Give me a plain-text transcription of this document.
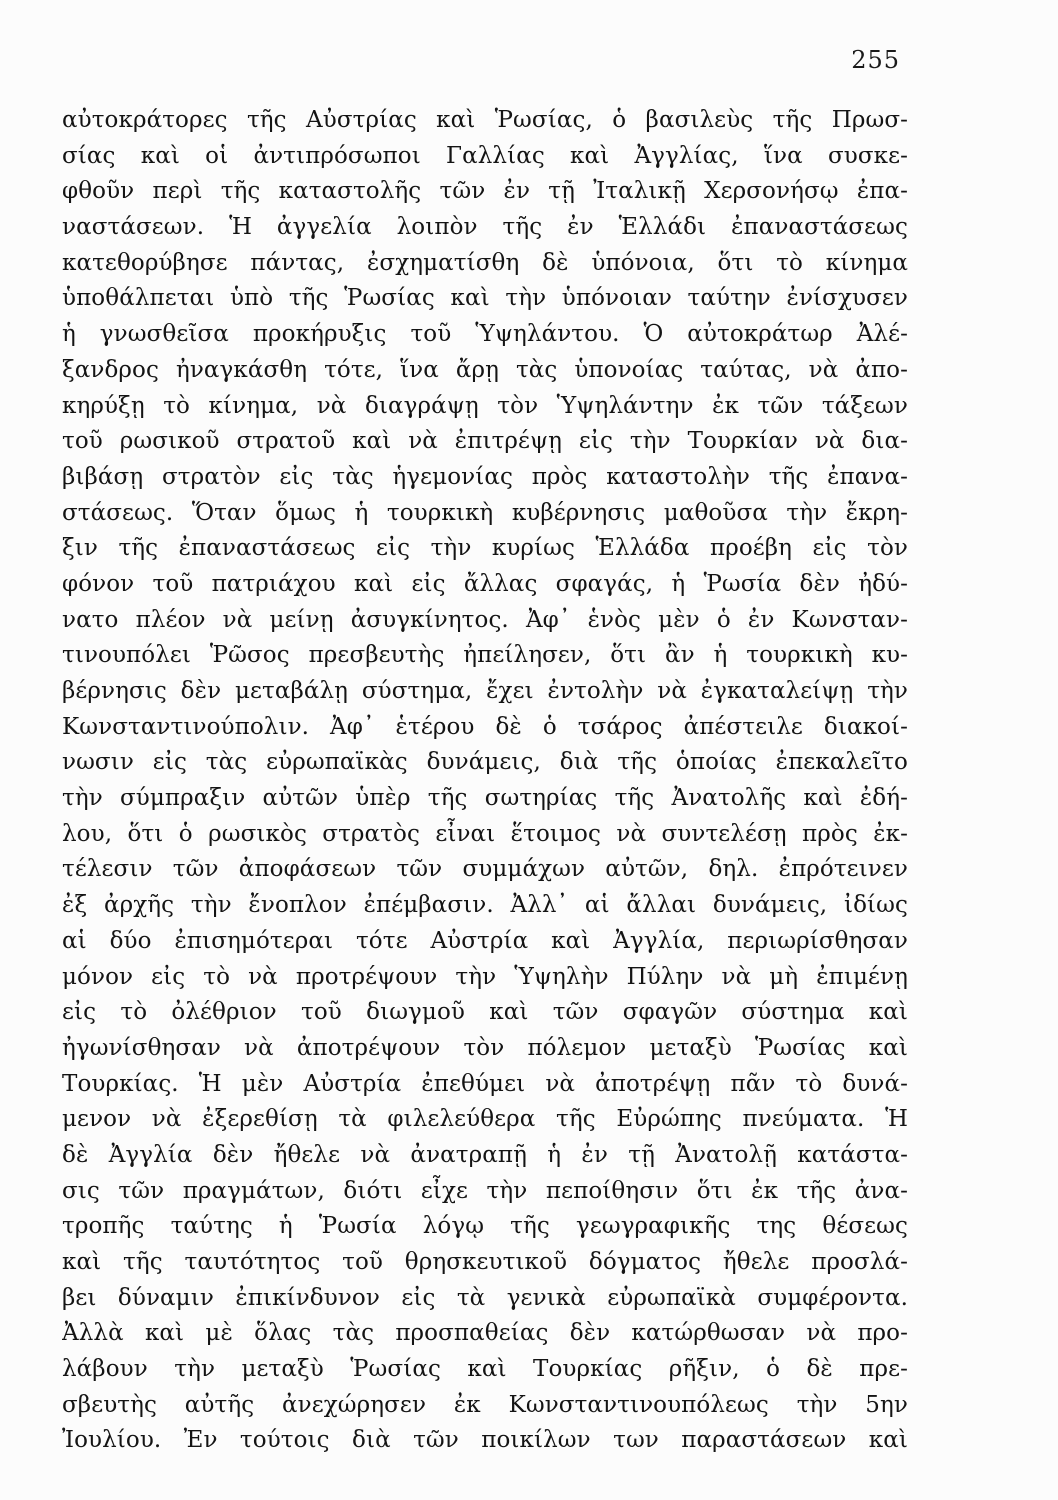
255
αὐτοκράτορες τῆς Αὐστρίας καὶ Ῥωσίας, ὁ βασιλεὺς τῆς Πρωσ-
σίας καὶ οἱ ἀντιπρόσωποι Γαλλίας καὶ Ἀγγλίας, ἵνα συσκε-
φθοῦν περὶ τῆς καταστολῆς τῶν ἐν τῇ Ἰταλικῇ Χερσονήσῳ ἐπα-
ναστάσεων. Ἡ ἀγγελία λοιπὸν τῆς ἐν Ἑλλάδι ἐπαναστάσεως
κατεθορύβησε πάντας, ἐσχηματίσθη δὲ ὑπόνοια, ὅτι τὸ κίνημα
ὑποθάλπεται ὑπὸ τῆς Ῥωσίας καὶ τὴν ὑπόνοιαν ταύτην ἐνίσχυσεν
ἡ γνωσθεῖσα προκήρυξις τοῦ Ὑψηλάντου. Ὁ αὐτοκράτωρ Ἀλέ-
ξανδρος ἠναγκάσθη τότε, ἵνα ἄρῃ τὰς ὑπονοίας ταύτας, νὰ ἀπο-
κηρύξῃ τὸ κίνημα, νὰ διαγράψῃ τὸν Ὑψηλάντην ἐκ τῶν τάξεων
τοῦ ρωσικοῦ στρατοῦ καὶ νὰ ἐπιτρέψῃ εἰς τὴν Τουρκίαν νὰ δια-
βιβάσῃ στρατὸν εἰς τὰς ἡγεμονίας πρὸς καταστολὴν τῆς ἐπανα-
στάσεως. Ὅταν ὅμως ἡ τουρκικὴ κυβέρνησις μαθοῦσα τὴν ἔκρη-
ξιν τῆς ἐπαναστάσεως εἰς τὴν κυρίως Ἑλλάδα προέβη εἰς τὸν
φόνον τοῦ πατριάχου καὶ εἰς ἄλλας σφαγάς, ἡ Ῥωσία δὲν ἠδύ-
νατο πλέον νὰ μείνῃ ἀσυγκίνητος. Ἀφ᾽ ἑνὸς μὲν ὁ ἐν Κωνσταν-
τινουπόλει Ῥῶσος πρεσβευτὴς ἠπείλησεν, ὅτι ἂν ἡ τουρκικὴ κυ-
βέρνησις δὲν μεταβάλῃ σύστημα, ἔχει ἐντολὴν νὰ ἐγκαταλείψῃ τὴν
Κωνσταντινούπολιν. Ἀφ᾽ ἑτέρου δὲ ὁ τσάρος ἀπέστειλε διακοί-
νωσιν εἰς τὰς εὐρωπαϊκὰς δυνάμεις, διὰ τῆς ὁποίας ἐπεκαλεῖτο
τὴν σύμπραξιν αὐτῶν ὑπὲρ τῆς σωτηρίας τῆς Ἀνατολῆς καὶ ἐδή-
λου, ὅτι ὁ ρωσικὸς στρατὸς εἶναι ἕτοιμος νὰ συντελέσῃ πρὸς ἐκ-
τέλεσιν τῶν ἀποφάσεων τῶν συμμάχων αὐτῶν, δηλ. ἐπρότεινεν
ἐξ ἀρχῆς τὴν ἔνοπλον ἐπέμβασιν. Ἀλλ᾽ αἱ ἄλλαι δυνάμεις, ἰδίως
αἱ δύο ἐπισημότεραι τότε Αὐστρία καὶ Ἀγγλία, περιωρίσθησαν
μόνον εἰς τὸ νὰ προτρέψουν τὴν Ὑψηλὴν Πύλην νὰ μὴ ἐπιμένῃ
εἰς τὸ ὀλέθριον τοῦ διωγμοῦ καὶ τῶν σφαγῶν σύστημα καὶ
ἠγωνίσθησαν νὰ ἀποτρέψουν τὸν πόλεμον μεταξὺ Ῥωσίας καὶ
Τουρκίας. Ἡ μὲν Αὐστρία ἐπεθύμει νὰ ἀποτρέψῃ πᾶν τὸ δυνά-
μενον νὰ ἐξερεθίσῃ τὰ φιλελεύθερα τῆς Εὐρώπης πνεύματα. Ἡ
δὲ Ἀγγλία δὲν ἤθελε νὰ ἀνατραπῇ ἡ ἐν τῇ Ἀνατολῇ κατάστα-
σις τῶν πραγμάτων, διότι εἶχε τὴν πεποίθησιν ὅτι ἐκ τῆς ἀνα-
τροπῆς ταύτης ἡ Ῥωσία λόγῳ τῆς γεωγραφικῆς της θέσεως
καὶ τῆς ταυτότητος τοῦ θρησκευτικοῦ δόγματος ἤθελε προσλά-
βει δύναμιν ἐπικίνδυνον εἰς τὰ γενικὰ εὐρωπαϊκὰ συμφέροντα.
Ἀλλὰ καὶ μὲ ὅλας τὰς προσπαθείας δὲν κατώρθωσαν νὰ προ-
λάβουν τὴν μεταξὺ Ῥωσίας καὶ Τουρκίας ρῆξιν, ὁ δὲ πρε-
σβευτὴς αὐτῆς ἀνεχώρησεν ἐκ Κωνσταντινουπόλεως τὴν 5ην
Ἰουλίου. Ἐν τούτοις διὰ τῶν ποικίλων των παραστάσεων καὶ
